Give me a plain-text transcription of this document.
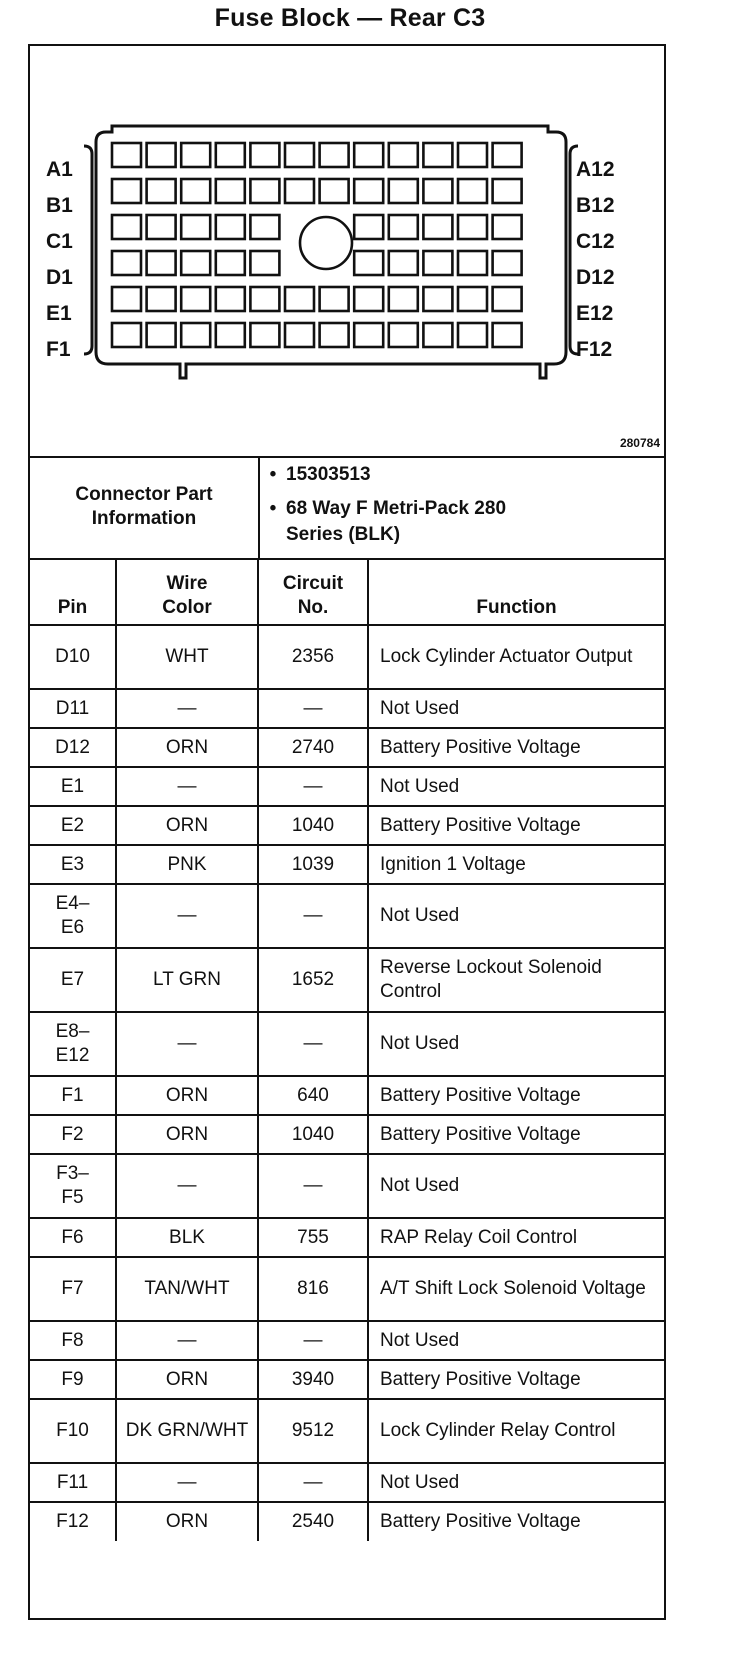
Fuse Block — Rear C3
A1
B1
C1
D1
E1
F1
A12
B12
C12
D12
E12
F12
280784
Connector Part Information
• 15303513
• 68 Way F Metri-Pack 280 Series (BLK)
Pin	Wire Color	Circuit No.	Function
D10	WHT	2356	Lock Cylinder Actuator Output
D11	—	—	Not Used
D12	ORN	2740	Battery Positive Voltage
E1	—	—	Not Used
E2	ORN	1040	Battery Positive Voltage
E3	PNK	1039	Ignition 1 Voltage
E4–E6	—	—	Not Used
E7	LT GRN	1652	Reverse Lockout Solenoid Control
E8–E12	—	—	Not Used
F1	ORN	640	Battery Positive Voltage
F2	ORN	1040	Battery Positive Voltage
F3–F5	—	—	Not Used
F6	BLK	755	RAP Relay Coil Control
F7	TAN/WHT	816	A/T Shift Lock Solenoid Voltage
F8	—	—	Not Used
F9	ORN	3940	Battery Positive Voltage
F10	DK GRN/WHT	9512	Lock Cylinder Relay Control
F11	—	—	Not Used
F12	ORN	2540	Battery Positive Voltage
